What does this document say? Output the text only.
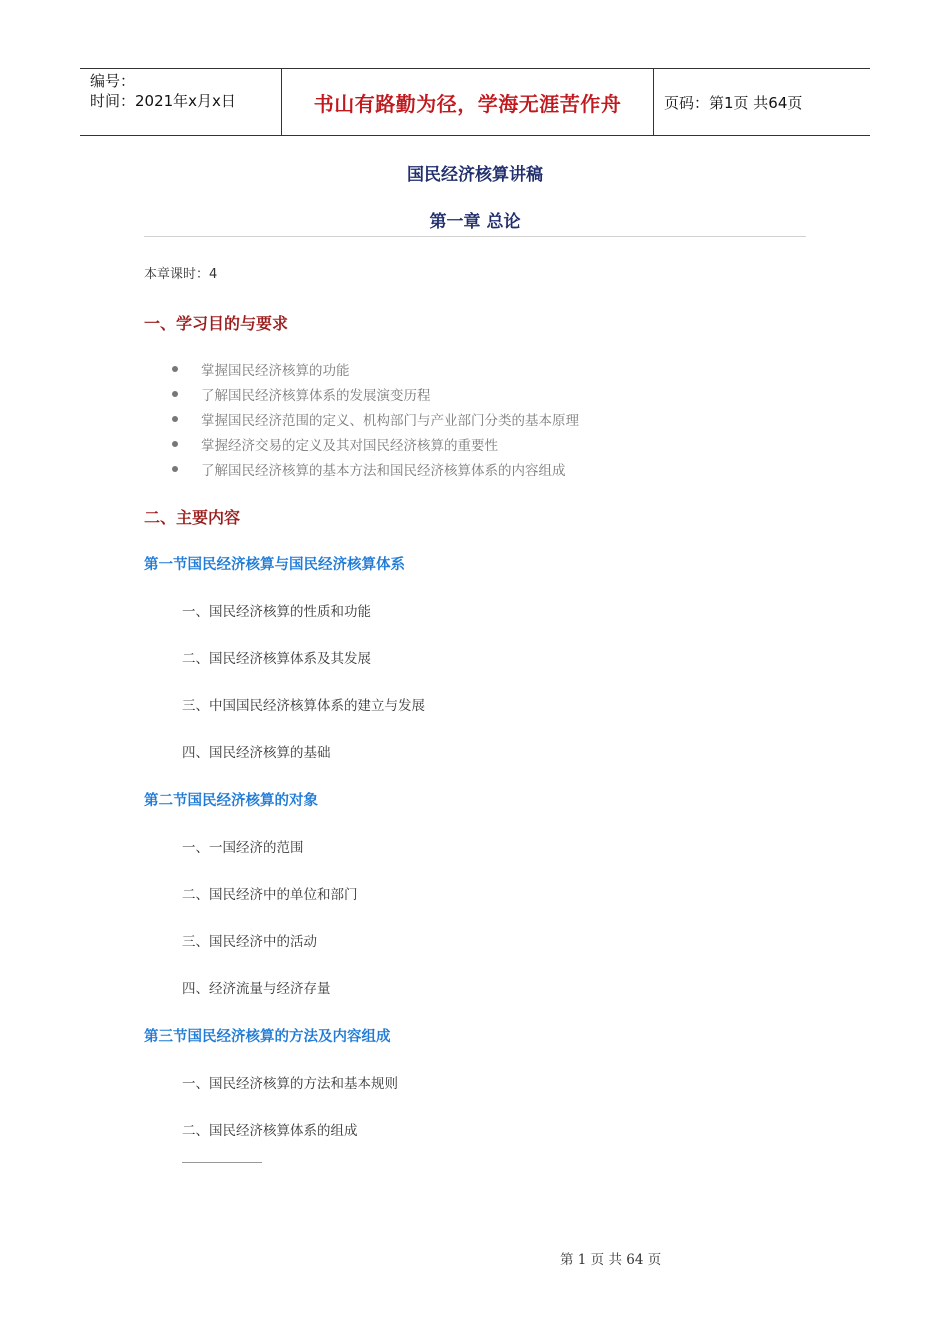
编号：
时间：2021年x月x日	书山有路勤为径，学海无涯苦作舟	页码：第1页 共64页
国民经济核算讲稿
第一章 总论
本章课时：4
一、学习目的与要求
掌握国民经济核算的功能
了解国民经济核算体系的发展演变历程
掌握国民经济范围的定义、机构部门与产业部门分类的基本原理
掌握经济交易的定义及其对国民经济核算的重要性
了解国民经济核算的基本方法和国民经济核算体系的内容组成
二、主要内容
第一节国民经济核算与国民经济核算体系
一、国民经济核算的性质和功能
二、国民经济核算体系及其发展
三、中国国民经济核算体系的建立与发展
四、国民经济核算的基础
第二节国民经济核算的对象
一、一国经济的范围
二、国民经济中的单位和部门
三、国民经济中的活动
四、经济流量与经济存量
第三节国民经济核算的方法及内容组成
一、国民经济核算的方法和基本规则
二、国民经济核算体系的组成
第 1 页 共 64 页
